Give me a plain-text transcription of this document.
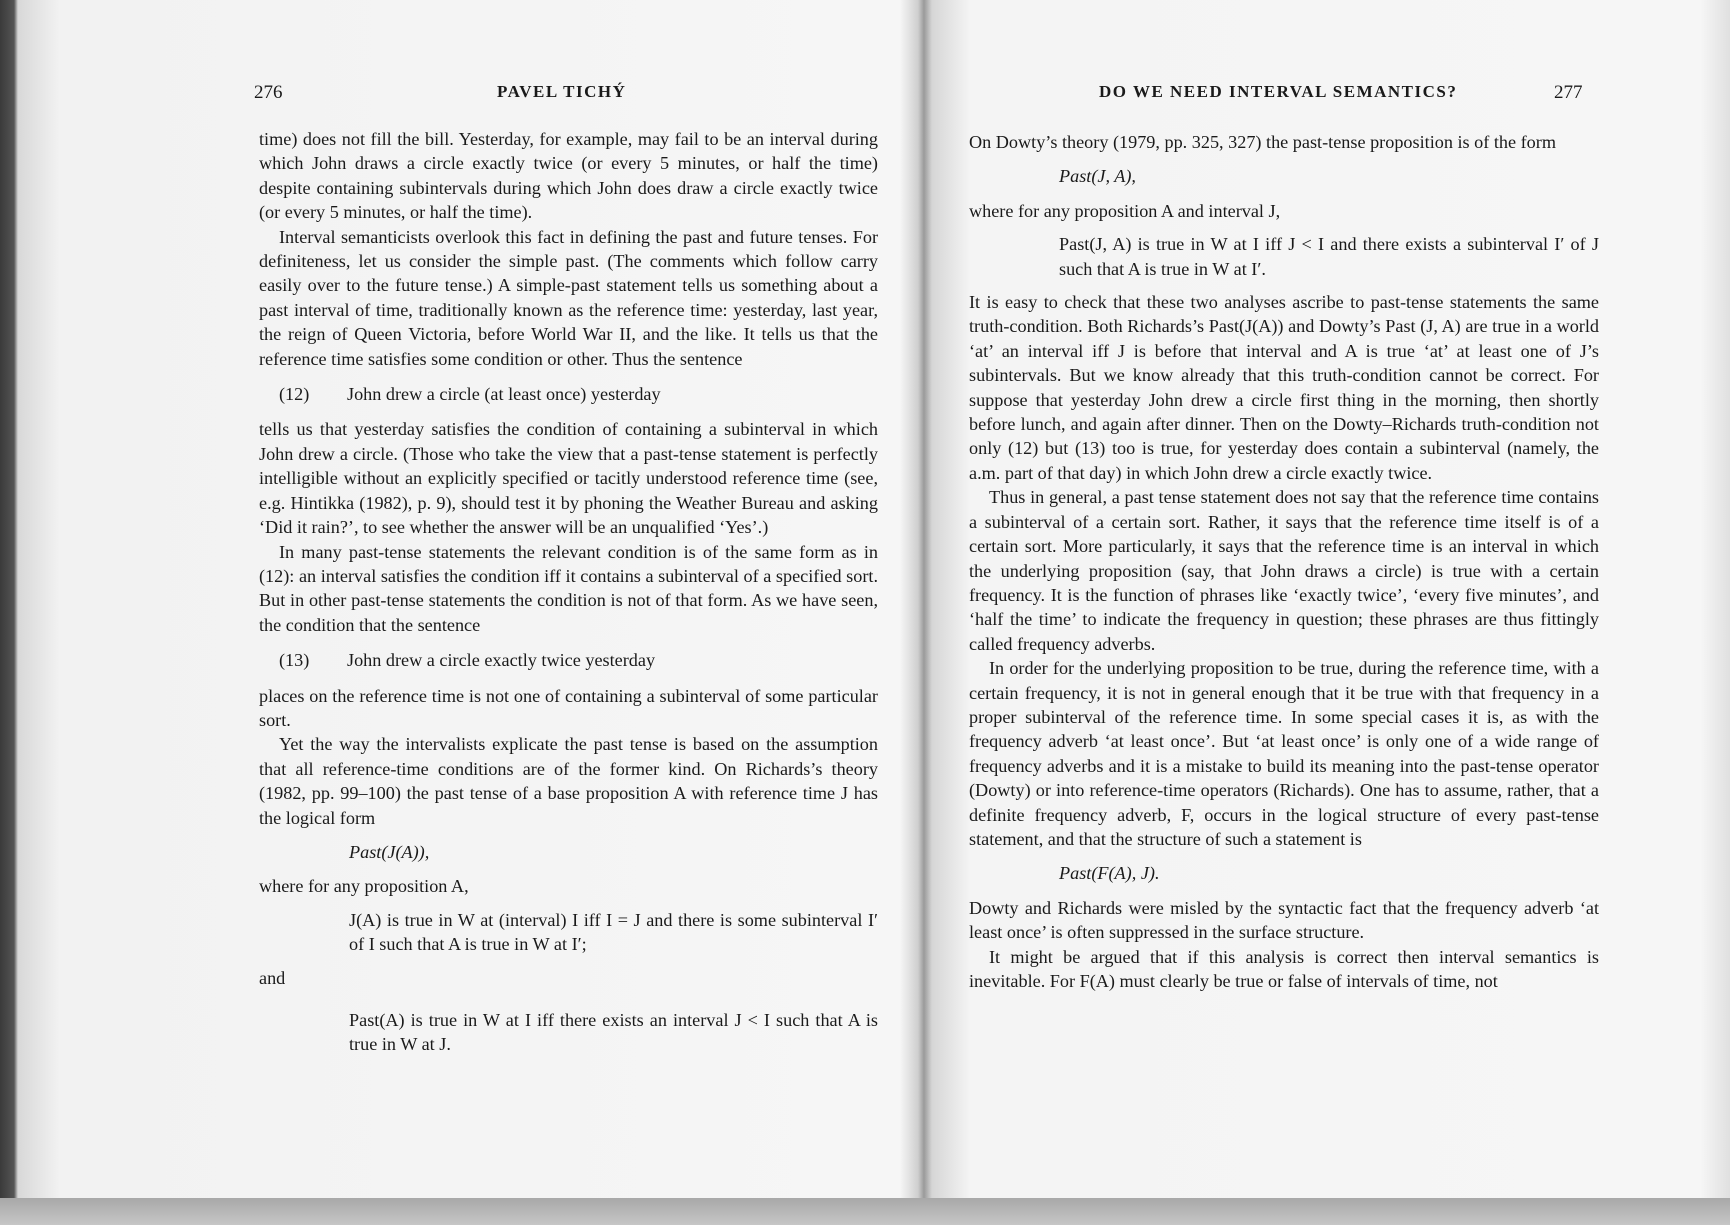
276	PAVEL TICHÝ

time) does not fill the bill. Yesterday, for example, may fail to be an interval during which John draws a circle exactly twice (or every 5 minutes, or half the time) despite containing subintervals during which John does draw a circle exactly twice (or every 5 minutes, or half the time).

Interval semanticists overlook this fact in defining the past and future tenses. For definiteness, let us consider the simple past. (The comments which follow carry easily over to the future tense.) A simple-past statement tells us something about a past interval of time, traditionally known as the reference time: yesterday, last year, the reign of Queen Victoria, before World War II, and the like. It tells us that the reference time satisfies some condition or other. Thus the sentence

(12)	John drew a circle (at least once) yesterday

tells us that yesterday satisfies the condition of containing a subinterval in which John drew a circle. (Those who take the view that a past-tense statement is perfectly intelligible without an explicitly specified or tacitly understood reference time (see, e.g. Hintikka (1982), p. 9), should test it by phoning the Weather Bureau and asking ‘Did it rain?’, to see whether the answer will be an unqualified ‘Yes’.)

In many past-tense statements the relevant condition is of the same form as in (12): an interval satisfies the condition iff it contains a subinterval of a specified sort. But in other past-tense statements the condition is not of that form. As we have seen, the condition that the sentence

(13)	John drew a circle exactly twice yesterday

places on the reference time is not one of containing a subinterval of some particular sort.

Yet the way the intervalists explicate the past tense is based on the assumption that all reference-time conditions are of the former kind. On Richards’s theory (1982, pp. 99–100) the past tense of a base proposition A with reference time J has the logical form

Past(J(A)),

where for any proposition A,

J(A) is true in W at (interval) I iff I = J and there is some subinterval I′ of I such that A is true in W at I′;

and

Past(A) is true in W at I iff there exists an interval J < I such that A is true in W at J.
DO WE NEED INTERVAL SEMANTICS?	277

On Dowty’s theory (1979, pp. 325, 327) the past-tense proposition is of the form

Past(J, A),

where for any proposition A and interval J,

Past(J, A) is true in W at I iff J < I and there exists a subinterval I′ of J such that A is true in W at I′.

It is easy to check that these two analyses ascribe to past-tense statements the same truth-condition. Both Richards’s Past(J(A)) and Dowty’s Past (J, A) are true in a world ‘at’ an interval iff J is before that interval and A is true ‘at’ at least one of J’s subintervals. But we know already that this truth-condition cannot be correct. For suppose that yesterday John drew a circle first thing in the morning, then shortly before lunch, and again after dinner. Then on the Dowty–Richards truth-condition not only (12) but (13) too is true, for yesterday does contain a subinterval (namely, the a.m. part of that day) in which John drew a circle exactly twice.

Thus in general, a past tense statement does not say that the reference time contains a subinterval of a certain sort. Rather, it says that the reference time itself is of a certain sort. More particularly, it says that the reference time is an interval in which the underlying proposition (say, that John draws a circle) is true with a certain frequency. It is the function of phrases like ‘exactly twice’, ‘every five minutes’, and ‘half the time’ to indicate the frequency in question; these phrases are thus fittingly called frequency adverbs.

In order for the underlying proposition to be true, during the reference time, with a certain frequency, it is not in general enough that it be true with that frequency in a proper subinterval of the reference time. In some special cases it is, as with the frequency adverb ‘at least once’. But ‘at least once’ is only one of a wide range of frequency adverbs and it is a mistake to build its meaning into the past-tense operator (Dowty) or into reference-time operators (Richards). One has to assume, rather, that a definite frequency adverb, F, occurs in the logical structure of every past-tense statement, and that the structure of such a statement is

Past(F(A), J).

Dowty and Richards were misled by the syntactic fact that the frequency adverb ‘at least once’ is often suppressed in the surface structure.

It might be argued that if this analysis is correct then interval semantics is inevitable. For F(A) must clearly be true or false of intervals of time, not
